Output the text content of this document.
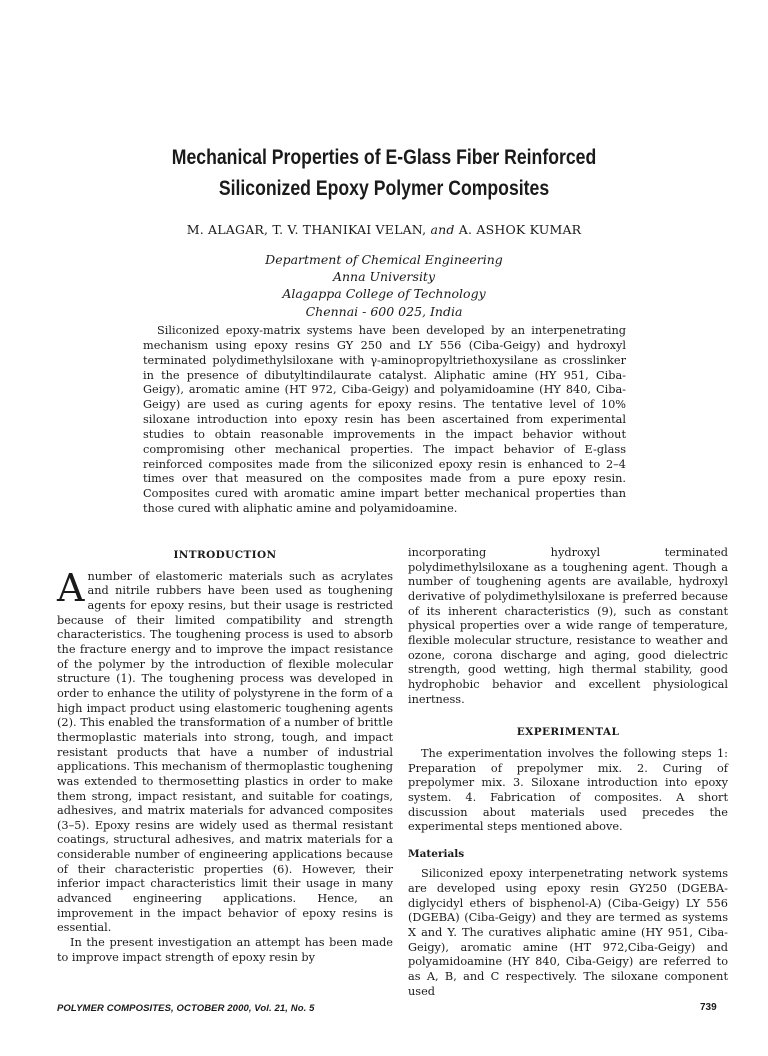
Mechanical Properties of E-Glass Fiber Reinforced
Siliconized Epoxy Polymer Composites
M. ALAGAR, T. V. THANIKAI VELAN, and A. ASHOK KUMAR
Department of Chemical Engineering
Anna University
Alagappa College of Technology
Chennai - 600 025, India
Siliconized epoxy-matrix systems have been developed by an interpenetrating mechanism using epoxy resins GY 250 and LY 556 (Ciba-Geigy) and hydroxyl terminated polydimethylsiloxane with γ-aminopropyltriethoxysilane as crosslinker in the presence of dibutyltindilaurate catalyst. Aliphatic amine (HY 951, Ciba-Geigy), aromatic amine (HT 972, Ciba-Geigy) and polyamidoamine (HY 840, Ciba-Geigy) are used as curing agents for epoxy resins. The tentative level of 10% siloxane introduction into epoxy resin has been ascertained from experimental studies to obtain reasonable improvements in the impact behavior without compromising other mechanical properties. The impact behavior of E-glass reinforced composites made from the siliconized epoxy resin is enhanced to 2–4 times over that measured on the composites made from a pure epoxy resin. Composites cured with aromatic amine impart better mechanical properties than those cured with aliphatic amine and polyamidoamine.
INTRODUCTION

Anumber of elastomeric materials such as acrylates and nitrile rubbers have been used as toughening agents for epoxy resins, but their usage is restricted because of their limited compatibility and strength characteristics. The toughening process is used to absorb the fracture energy and to improve the impact resistance of the polymer by the introduction of flexible molecular structure (1). The toughening process was developed in order to enhance the utility of polystyrene in the form of a high impact product using elastomeric toughening agents (2). This enabled the transformation of a number of brittle thermoplastic materials into strong, tough, and impact resistant products that have a number of industrial applications. This mechanism of thermoplastic toughening was extended to thermosetting plastics in order to make them strong, impact resistant, and suitable for coatings, adhesives, and matrix materials for advanced composites (3–5). Epoxy resins are widely used as thermal resistant coatings, structural adhesives, and matrix materials for a considerable number of engineering applications because of their characteristic properties (6). However, their inferior impact characteristics limit their usage in many advanced engineering applications. Hence, an improvement in the impact behavior of epoxy resins is essential.

In the present investigation an attempt has been made to improve impact strength of epoxy resin by

incorporating hydroxyl terminated polydimethylsiloxane as a toughening agent. Though a number of toughening agents are available, hydroxyl derivative of polydimethylsiloxane is preferred because of its inherent characteristics (9), such as constant physical properties over a wide range of temperature, flexible molecular structure, resistance to weather and ozone, corona discharge and aging, good dielectric strength, good wetting, high thermal stability, good hydrophobic behavior and excellent physiological inertness.

EXPERIMENTAL

The experimentation involves the following steps 1: Preparation of prepolymer mix. 2. Curing of prepolymer mix. 3. Siloxane introduction into epoxy system. 4. Fabrication of composites. A short discussion about materials used precedes the experimental steps mentioned above.

Materials

Siliconized epoxy interpenetrating network systems are developed using epoxy resin GY250 (DGEBA-diglycidyl ethers of bisphenol-A) (Ciba-Geigy) LY 556 (DGEBA) (Ciba-Geigy) and they are termed as systems X and Y. The curatives aliphatic amine (HY 951, Ciba-Geigy), aromatic amine (HT 972,Ciba-Geigy) and polyamidoamine (HY 840, Ciba-Geigy) are referred to as A, B, and C respectively. The siloxane component used

POLYMER COMPOSITES, OCTOBER 2000, Vol. 21, No. 5	739
